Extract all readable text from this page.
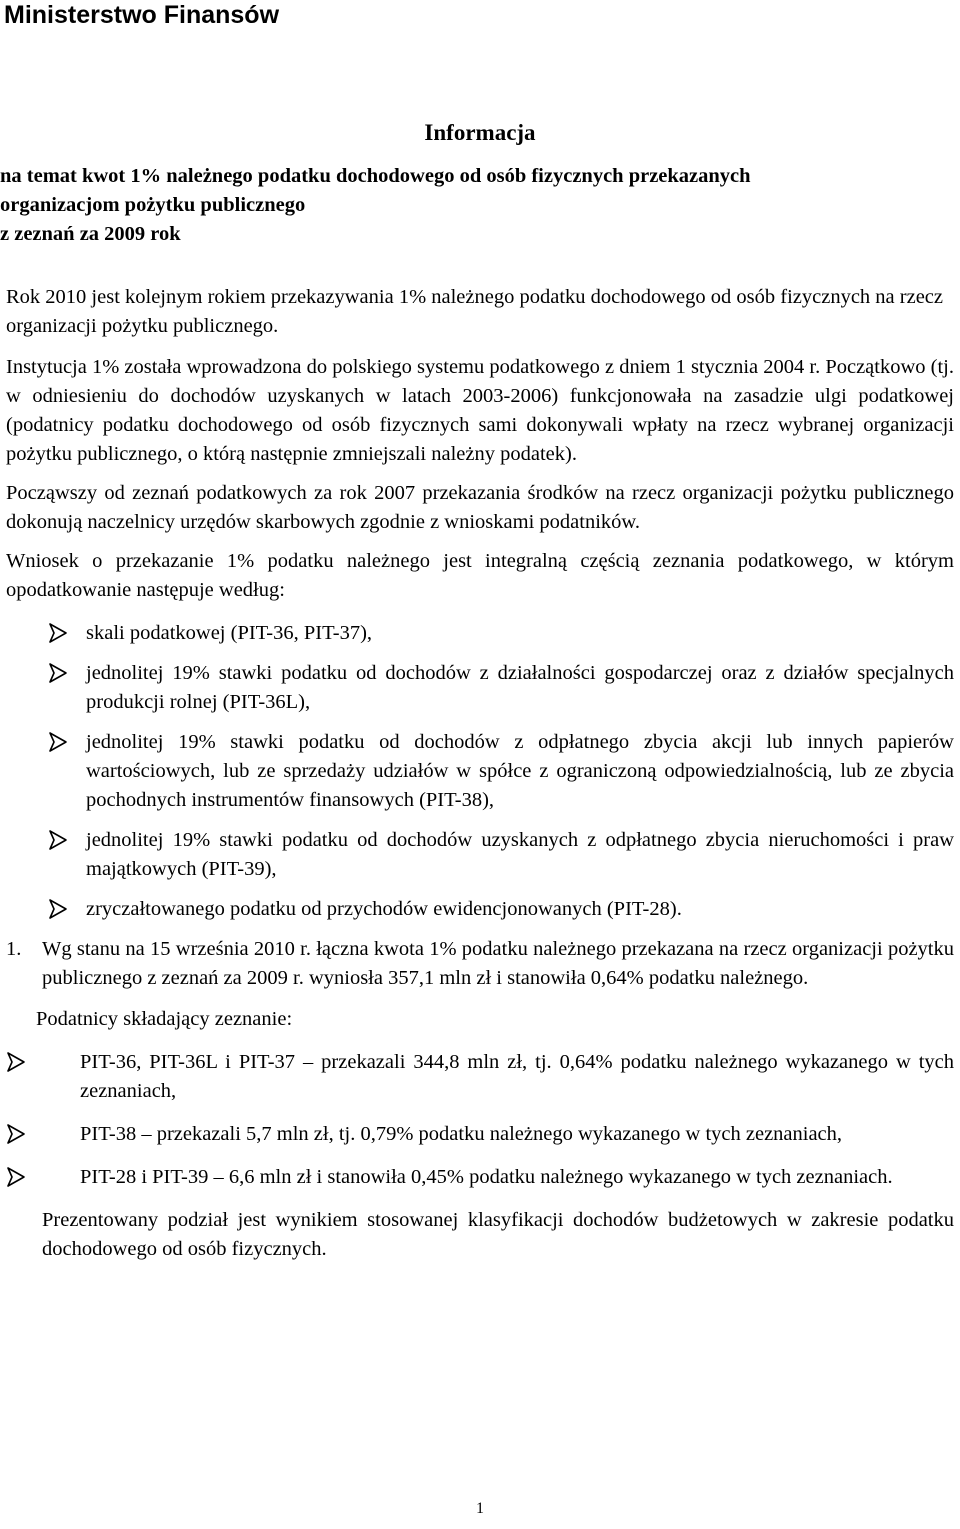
Ministerstwo Finansów
Informacja

na temat kwot 1% należnego podatku dochodowego od osób fizycznych przekazanych

organizacjom pożytku publicznego

z zeznań za 2009 rok

Rok 2010 jest kolejnym rokiem przekazywania 1% należnego podatku dochodowego od osób fizycznych na rzecz organizacji pożytku publicznego.

Instytucja 1% została wprowadzona do polskiego systemu podatkowego z dniem 1 stycznia 2004 r. Początkowo (tj. w odniesieniu do dochodów uzyskanych w latach 2003-2006) funkcjonowała na zasadzie ulgi podatkowej (podatnicy podatku dochodowego od osób fizycznych sami dokonywali wpłaty na rzecz wybranej organizacji pożytku publicznego, o którą następnie zmniejszali należny podatek).

Począwszy od zeznań podatkowych za rok 2007 przekazania środków na rzecz organizacji pożytku publicznego dokonują naczelnicy urzędów skarbowych zgodnie z wnioskami podatników.

Wniosek o przekazanie 1% podatku należnego jest integralną częścią zeznania podatkowego, w którym opodatkowanie następuje według:

skali podatkowej (PIT-36, PIT-37),
jednolitej 19% stawki podatku od dochodów z działalności gospodarczej oraz z działów specjalnych produkcji rolnej (PIT-36L),
jednolitej 19% stawki podatku od dochodów z odpłatnego zbycia akcji lub innych papierów wartościowych, lub ze sprzedaży udziałów w spółce z ograniczoną odpowiedzialnością, lub ze zbycia pochodnych instrumentów finansowych (PIT-38),
jednolitej 19% stawki podatku od dochodów uzyskanych z odpłatnego zbycia nieruchomości i praw majątkowych (PIT-39),
zryczałtowanego podatku od przychodów ewidencjonowanych (PIT-28).
1. Wg stanu na 15 września 2010 r. łączna kwota 1% podatku należnego przekazana na rzecz organizacji pożytku publicznego z zeznań za 2009 r. wyniosła 357,1 mln zł i stanowiła 0,64% podatku należnego.
Podatnicy składający zeznanie:
PIT-36, PIT-36L i PIT-37 – przekazali 344,8 mln zł, tj. 0,64% podatku należnego wykazanego w tych zeznaniach,
PIT-38 – przekazali 5,7 mln zł, tj. 0,79% podatku należnego wykazanego w tych zeznaniach,
PIT-28 i PIT-39 – 6,6 mln zł i stanowiła 0,45% podatku należnego wykazanego w tych zeznaniach.

Prezentowany podział jest wynikiem stosowanej klasyfikacji dochodów budżetowych w zakresie podatku dochodowego od osób fizycznych.

1
